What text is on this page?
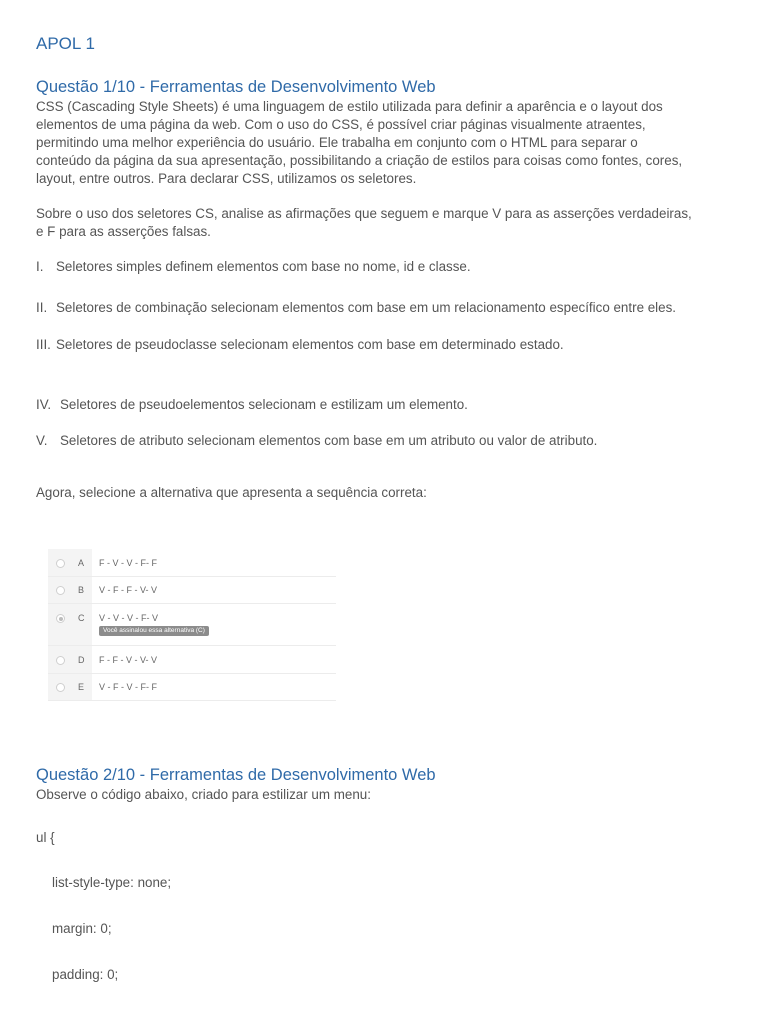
APOL 1
Questão 1/10 - Ferramentas de Desenvolvimento Web
CSS (Cascading Style Sheets) é uma linguagem de estilo utilizada para definir a aparência e o layout dos
elementos de uma página da web. Com o uso do CSS, é possível criar páginas visualmente atraentes,
permitindo uma melhor experiência do usuário. Ele trabalha em conjunto com o HTML para separar o
conteúdo da página da sua apresentação, possibilitando a criação de estilos para coisas como fontes, cores,
layout, entre outros. Para declarar CSS, utilizamos os seletores.
Sobre o uso dos seletores CS, analise as afirmações que seguem e marque V para as asserções verdadeiras,
e F para as asserções falsas.
I. Seletores simples definem elementos com base no nome, id e classe.
II. Seletores de combinação selecionam elementos com base em um relacionamento específico entre eles.
III. Seletores de pseudoclasse selecionam elementos com base em determinado estado.
IV. Seletores de pseudoelementos selecionam e estilizam um elemento.
V. Seletores de atributo selecionam elementos com base em um atributo ou valor de atributo.
Agora, selecione a alternativa que apresenta a sequência correta:
A F - V - V - F- F
B V - F - F - V- V
C V - V - V - F- V
D F - F - V - V- V
E V - F - V - F- F
Você assinalou essa alternativa (C)
Questão 2/10 - Ferramentas de Desenvolvimento Web
Observe o código abaixo, criado para estilizar um menu:
ul {
list-style-type: none;
margin: 0;
padding: 0;
